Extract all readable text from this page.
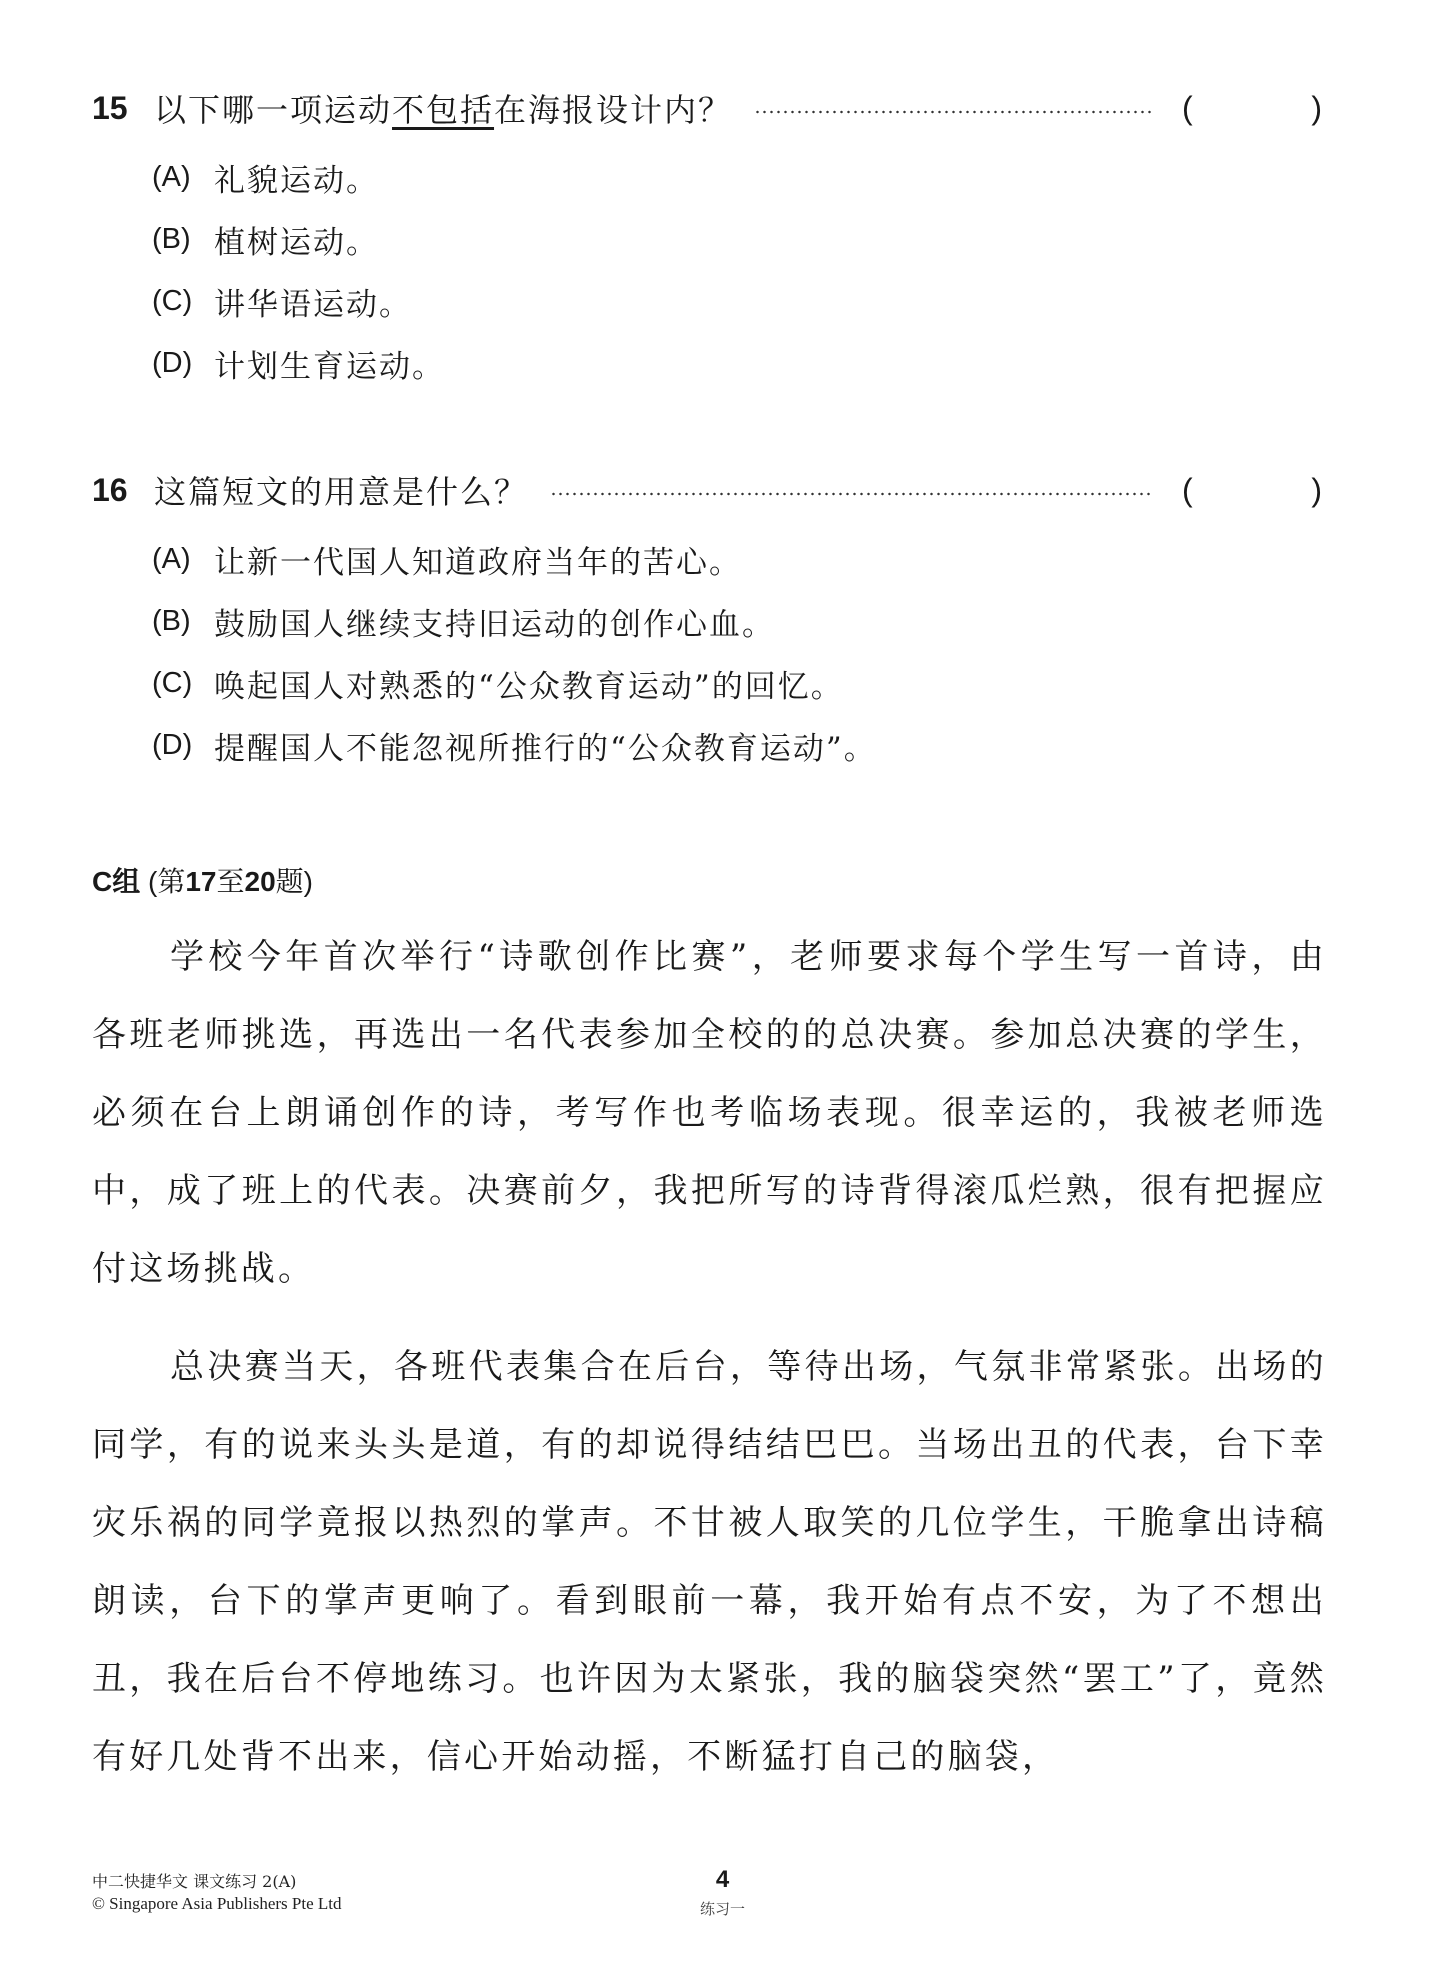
15 以下哪一项运动不包括在海报设计内？	(	)
(A) 礼貌运动。
(B) 植树运动。
(C) 讲华语运动。
(D) 计划生育运动。
16 这篇短文的用意是什么？	(	)
(A) 让新一代国人知道政府当年的苦心。
(B) 鼓励国人继续支持旧运动的创作心血。
(C) 唤起国人对熟悉的“公众教育运动”的回忆。
(D) 提醒国人不能忽视所推行的“公众教育运动”。
C组 (第17至20题)

学校今年首次举行“诗歌创作比赛”，老师要求每个学生写一首诗，由各班老师挑选，再选出一名代表参加全校的的总决赛。参加总决赛的学生，必须在台上朗诵创作的诗，考写作也考临场表现。很幸运的，我被老师选中，成了班上的代表。决赛前夕，我把所写的诗背得滚瓜烂熟，很有把握应付这场挑战。

总决赛当天，各班代表集合在后台，等待出场，气氛非常紧张。出场的同学，有的说来头头是道，有的却说得结结巴巴。当场出丑的代表，台下幸灾乐祸的同学竟报以热烈的掌声。不甘被人取笑的几位学生，干脆拿出诗稿朗读，台下的掌声更响了。看到眼前一幕，我开始有点不安，为了不想出丑，我在后台不停地练习。也许因为太紧张，我的脑袋突然“罢工”了，竟然有好几处背不出来，信心开始动摇，不断猛打自己的脑袋，

中二快捷华文 课文练习 2(A)
© Singapore Asia Publishers Pte Ltd
4
练习一
